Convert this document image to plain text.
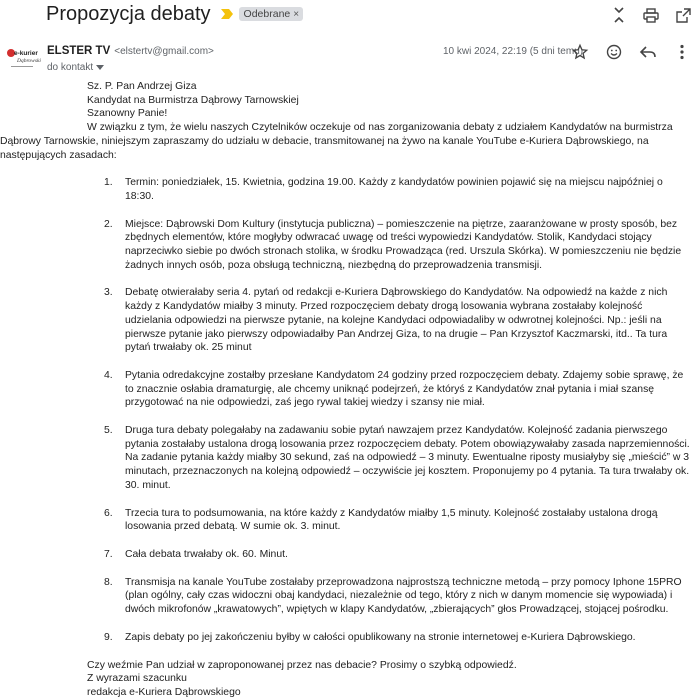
Propozycja debaty	Odebrane ×
e-kurier
Dąbrowski
ELSTER TV <elstertv@gmail.com>
do kontakt
10 kwi 2024, 22:19 (5 dni temu)

Sz. P. Pan Andrzej Giza

Kandydat na Burmistrza Dąbrowy Tarnowskiej

Szanowny Panie!

W związku z tym, że wielu naszych Czytelników oczekuje od nas zorganizowania debaty z udziałem Kandydatów na burmistrza Dąbrowy Tarnowskie, niniejszym zapraszamy do udziału w debacie, transmitowanej na żywo na kanale YouTube e-Kuriera Dąbrowskiego, na następujących zasadach:

1.	Termin: poniedziałek, 15. Kwietnia, godzina 19.00. Każdy z kandydatów powinien pojawić się na miejscu najpóźniej o 18:30.
2.	Miejsce: Dąbrowski Dom Kultury (instytucja publiczna) – pomieszczenie na piętrze, zaaranżowane w prosty sposób, bez zbędnych elementów, które mogłyby odwracać uwagę od treści wypowiedzi Kandydatów. Stolik, Kandydaci stojący naprzeciwko siebie po dwóch stronach stolika, w środku Prowadząca (red. Urszula Skórka). W pomieszczeniu nie będzie żadnych innych osób, poza obsługą techniczną, niezbędną do przeprowadzenia transmisji.
3.	Debatę otwierałaby seria 4. pytań od redakcji e-Kuriera Dąbrowskiego do Kandydatów. Na odpowiedź na każde z nich każdy z Kandydatów miałby 3 minuty. Przed rozpoczęciem debaty drogą losowania wybrana zostałaby kolejność udzielania odpowiedzi na pierwsze pytanie, na kolejne Kandydaci odpowiadaliby w odwrotnej kolejności. Np.: jeśli na pierwsze pytanie jako pierwszy odpowiadałby Pan Andrzej Giza, to na drugie – Pan Krzysztof Kaczmarski, itd.. Ta tura pytań trwałaby ok. 25 minut
4.	Pytania odredakcyjne zostałby przesłane Kandydatom 24 godziny przed rozpoczęciem debaty. Zdajemy sobie sprawę, że to znacznie osłabia dramaturgię, ale chcemy uniknąć podejrzeń, że któryś z Kandydatów znał pytania i miał szansę przygotować na nie odpowiedzi, zaś jego rywal takiej wiedzy i szansy nie miał.
5.	Druga tura debaty polegałaby na zadawaniu sobie pytań nawzajem przez Kandydatów. Kolejność zadania pierwszego pytania zostałaby ustalona drogą losowania przez rozpoczęciem debaty. Potem obowiązywałaby zasada naprzemienności. Na zadanie pytania każdy miałby 30 sekund, zaś na odpowiedź – 3 minuty. Ewentualne riposty musiałyby się „mieścić” w 3 minutach, przeznaczonych na kolejną odpowiedź – oczywiście jej kosztem. Proponujemy po 4 pytania. Ta tura trwałaby ok. 30. minut.
6.	Trzecia tura to podsumowania, na które każdy z Kandydatów miałby 1,5 minuty. Kolejność zostałaby ustalona drogą losowania przed debatą. W sumie ok. 3. minut.
7.	Cała debata trwałaby ok. 60. Minut.
8.	Transmisja na kanale YouTube zostałaby przeprowadzona najprostszą techniczne metodą – przy pomocy Iphone 15PRO (plan ogólny, cały czas widoczni obaj kandydaci, niezależnie od tego, który z nich w danym momencie się wypowiada) i dwóch mikrofonów „krawatowych”, wpiętych w klapy Kandydatów, „zbierających” głos Prowadzącej, stojącej pośrodku.
9.	Zapis debaty po jej zakończeniu byłby w całości opublikowany na stronie internetowej e-Kuriera Dąbrowskiego.

Czy weźmie Pan udział w zaproponowanej przez nas debacie? Prosimy o szybką odpowiedź.

Z wyrazami szacunku

redakcja e-Kuriera Dąbrowskiego
